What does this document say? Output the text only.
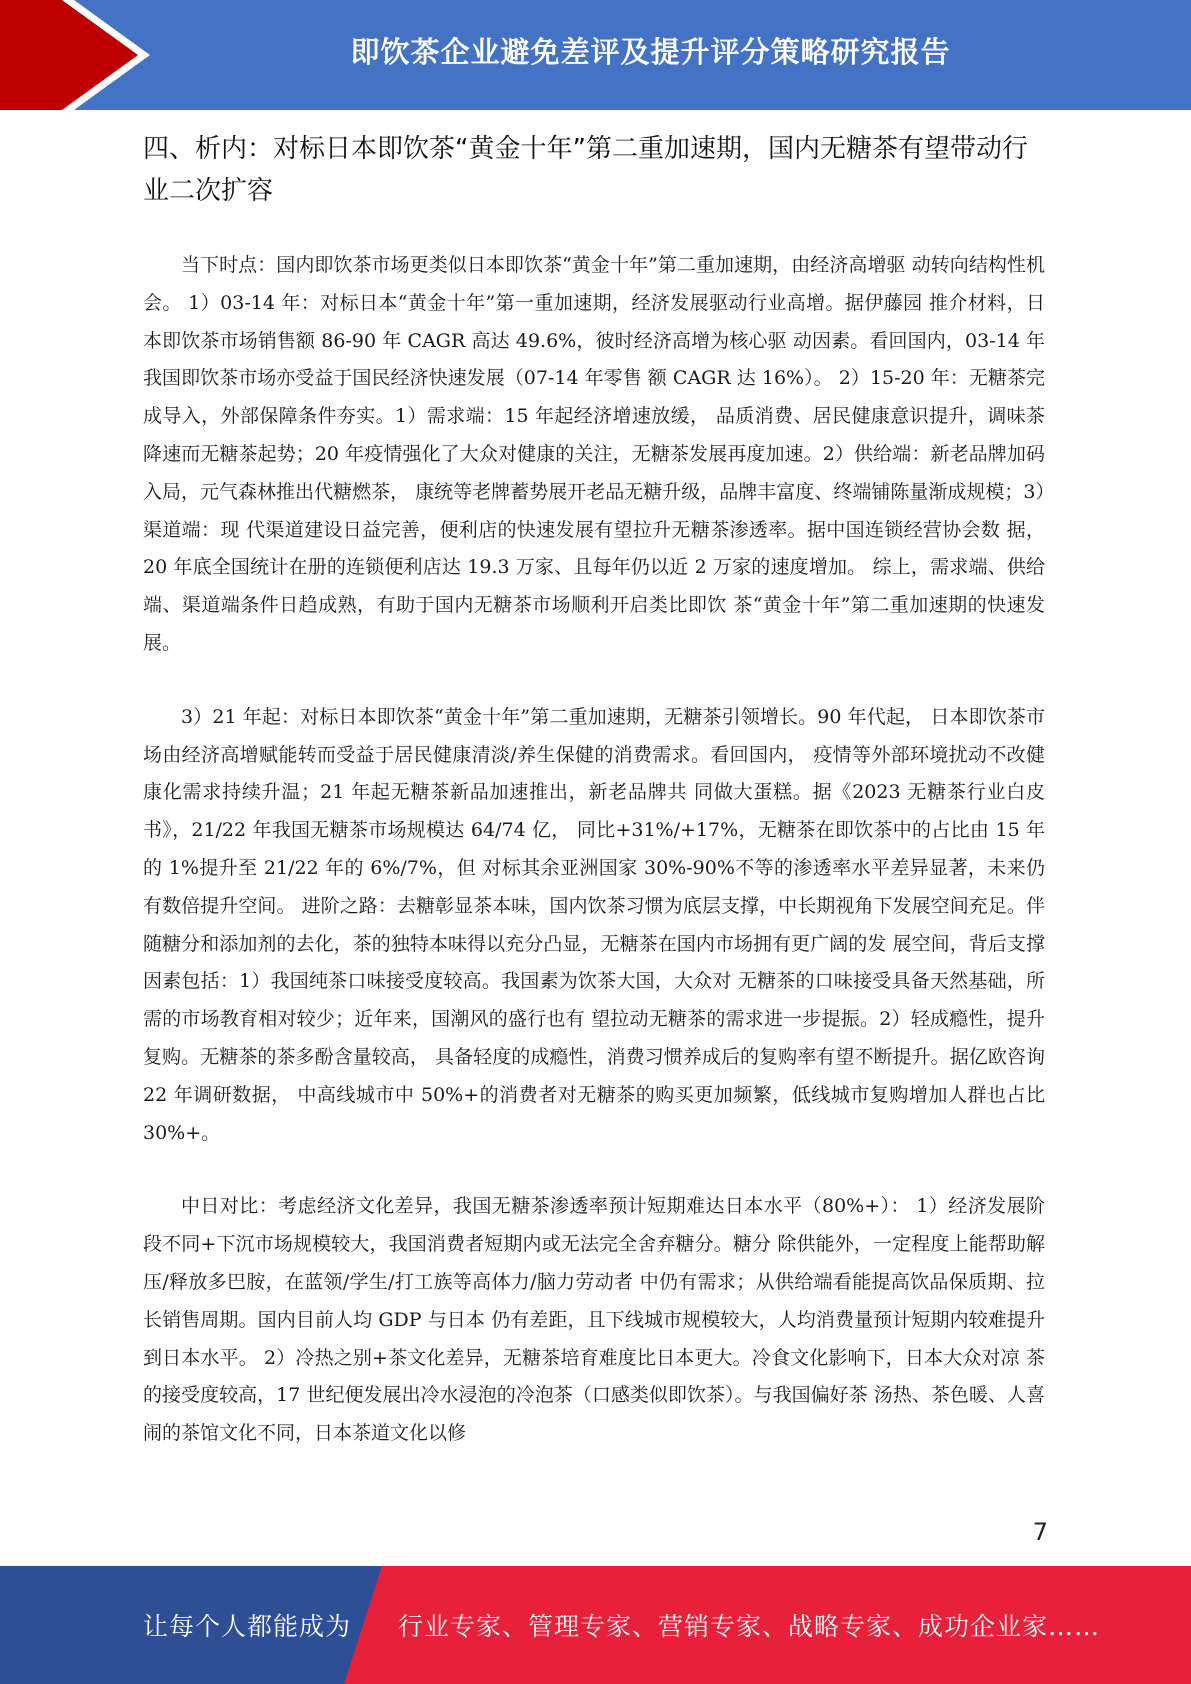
即饮茶企业避免差评及提升评分策略研究报告
四、析内：对标日本即饮茶“黄金十年”第二重加速期，国内无糖茶有望带动行业二次扩容

当下时点：国内即饮茶市场更类似日本即饮茶“黄金十年”第二重加速期，由经济高增驱 动转向结构性机会。 1）03-14 年：对标日本“黄金十年”第一重加速期，经济发展驱动行业高增。据伊藤园 推介材料，日本即饮茶市场销售额 86-90 年 CAGR 高达 49.6%，彼时经济高增为核心驱 动因素。看回国内，03-14 年我国即饮茶市场亦受益于国民经济快速发展（07-14 年零售 额 CAGR 达 16%）。 2）15-20 年：无糖茶完成导入，外部保障条件夯实。1）需求端：15 年起经济增速放缓， 品质消费、居民健康意识提升，调味茶降速而无糖茶起势；20 年疫情强化了大众对健康的关注，无糖茶发展再度加速。2）供给端：新老品牌加码入局，元气森林推出代糖燃茶， 康统等老牌蓄势展开老品无糖升级，品牌丰富度、终端铺陈量渐成规模；3）渠道端：现 代渠道建设日益完善，便利店的快速发展有望拉升无糖茶渗透率。据中国连锁经营协会数 据，20 年底全国统计在册的连锁便利店达 19.3 万家、且每年仍以近 2 万家的速度增加。 综上，需求端、供给端、渠道端条件日趋成熟，有助于国内无糖茶市场顺利开启类比即饮 茶“黄金十年”第二重加速期的快速发展。

3）21 年起：对标日本即饮茶“黄金十年”第二重加速期，无糖茶引领增长。90 年代起， 日本即饮茶市场由经济高增赋能转而受益于居民健康清淡/养生保健的消费需求。看回国内， 疫情等外部环境扰动不改健康化需求持续升温；21 年起无糖茶新品加速推出，新老品牌共 同做大蛋糕。据《2023 无糖茶行业白皮书》，21/22 年我国无糖茶市场规模达 64/74 亿， 同比+31%/+17%，无糖茶在即饮茶中的占比由 15 年的 1%提升至 21/22 年的 6%/7%，但 对标其余亚洲国家 30%-90%不等的渗透率水平差异显著，未来仍有数倍提升空间。 进阶之路：去糖彰显茶本味，国内饮茶习惯为底层支撑，中长期视角下发展空间充足。伴 随糖分和添加剂的去化，茶的独特本味得以充分凸显，无糖茶在国内市场拥有更广阔的发 展空间，背后支撑因素包括：1）我国纯茶口味接受度较高。我国素为饮茶大国，大众对 无糖茶的口味接受具备天然基础，所需的市场教育相对较少；近年来，国潮风的盛行也有 望拉动无糖茶的需求进一步提振。2）轻成瘾性，提升复购。无糖茶的茶多酚含量较高， 具备轻度的成瘾性，消费习惯养成后的复购率有望不断提升。据亿欧咨询 22 年调研数据， 中高线城市中 50%+的消费者对无糖茶的购买更加频繁，低线城市复购增加人群也占比30%+。

中日对比：考虑经济文化差异，我国无糖茶渗透率预计短期难达日本水平（80%+）： 1）经济发展阶段不同+下沉市场规模较大，我国消费者短期内或无法完全舍弃糖分。糖分 除供能外，一定程度上能帮助解压/释放多巴胺，在蓝领/学生/打工族等高体力/脑力劳动者 中仍有需求；从供给端看能提高饮品保质期、拉长销售周期。国内目前人均 GDP 与日本 仍有差距，且下线城市规模较大，人均消费量预计短期内较难提升到日本水平。 2）冷热之别+茶文化差异，无糖茶培育难度比日本更大。冷食文化影响下，日本大众对凉 茶的接受度较高，17 世纪便发展出冷水浸泡的冷泡茶（口感类似即饮茶）。与我国偏好茶 汤热、茶色暖、人喜闹的茶馆文化不同，日本茶道文化以修

7
让每个人都能成为 行业专家、管理专家、营销专家、战略专家、成功企业家……
